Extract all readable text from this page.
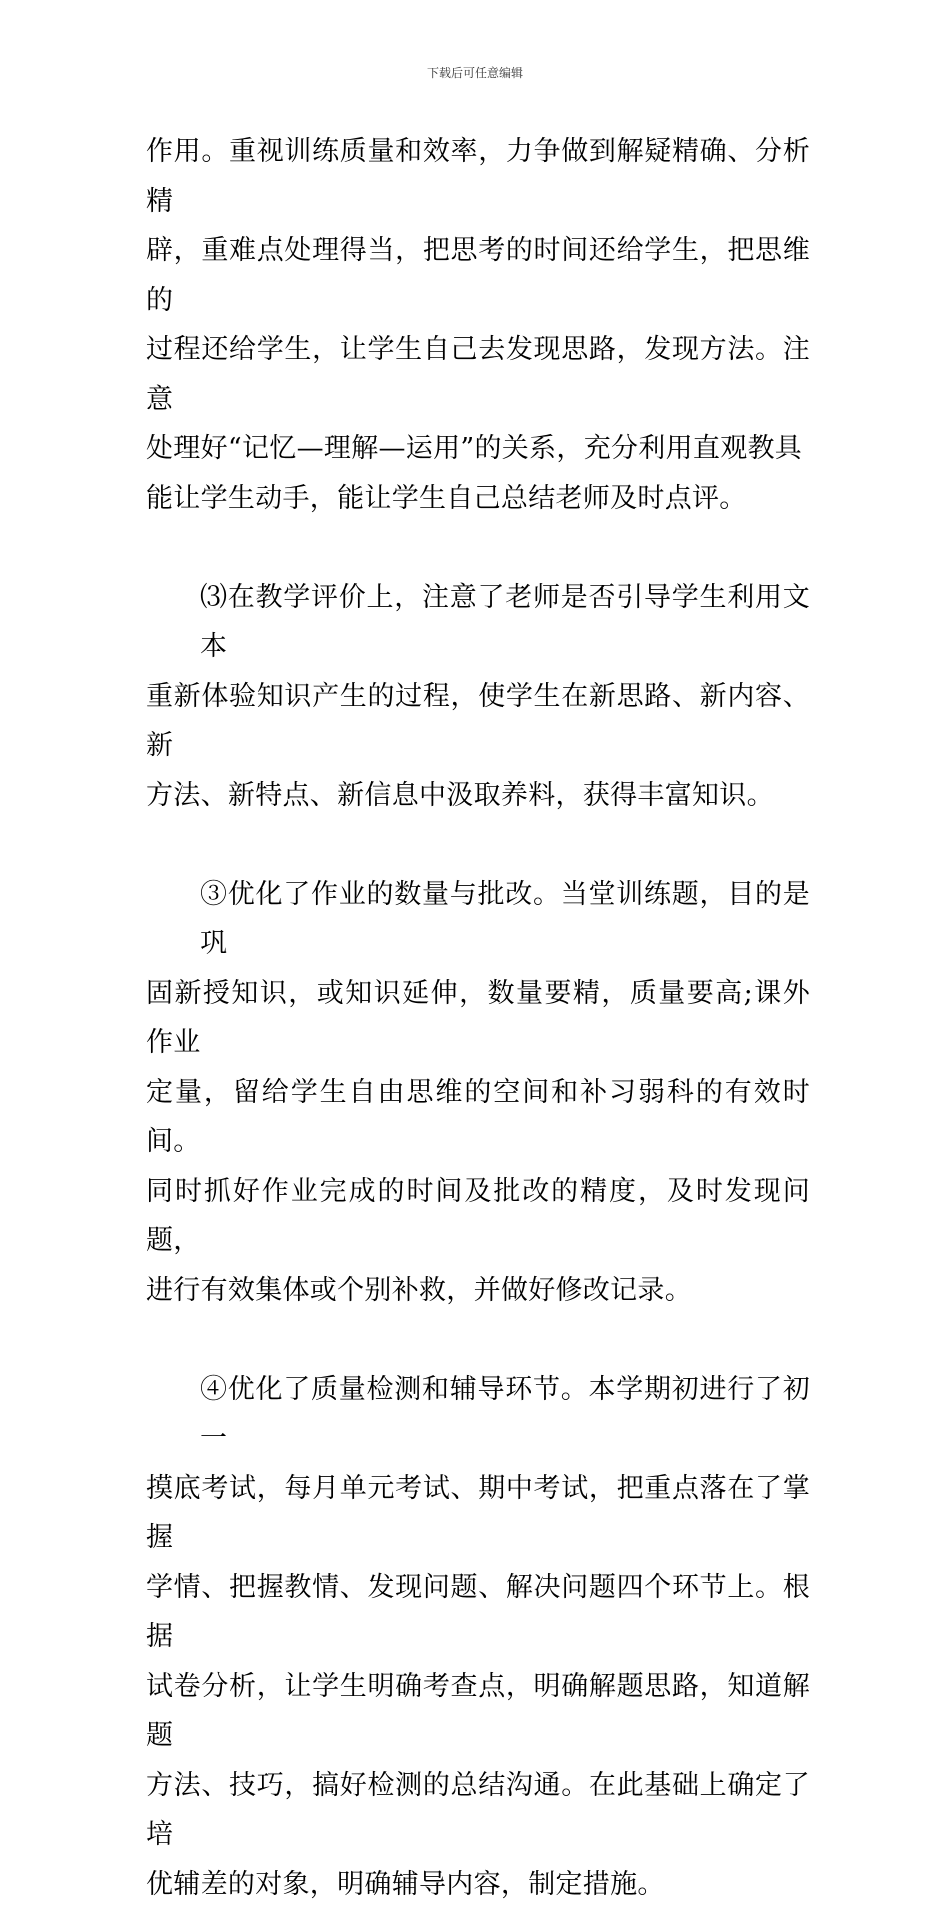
下载后可任意编辑
作用。重视训练质量和效率，力争做到解疑精确、分析精
辟，重难点处理得当，把思考的时间还给学生，把思维的
过程还给学生，让学生自己去发现思路，发现方法。注意
处理好“记忆—理解—运用”的关系，充分利用直观教具
能让学生动手，能让学生自己总结老师及时点评。
⑶在教学评价上，注意了老师是否引导学生利用文本
重新体验知识产生的过程，使学生在新思路、新内容、新
方法、新特点、新信息中汲取养料，获得丰富知识。
③优化了作业的数量与批改。当堂训练题，目的是巩
固新授知识，或知识延伸，数量要精，质量要高;课外作业
定量，留给学生自由思维的空间和补习弱科的有效时间。
同时抓好作业完成的时间及批改的精度，及时发现问题，
进行有效集体或个别补救，并做好修改记录。
④优化了质量检测和辅导环节。本学期初进行了初一
摸底考试，每月单元考试、期中考试，把重点落在了掌握
学情、把握教情、发现问题、解决问题四个环节上。根据
试卷分析，让学生明确考查点，明确解题思路，知道解题
方法、技巧，搞好检测的总结沟通。在此基础上确定了培
优辅差的对象，明确辅导内容，制定措施。
